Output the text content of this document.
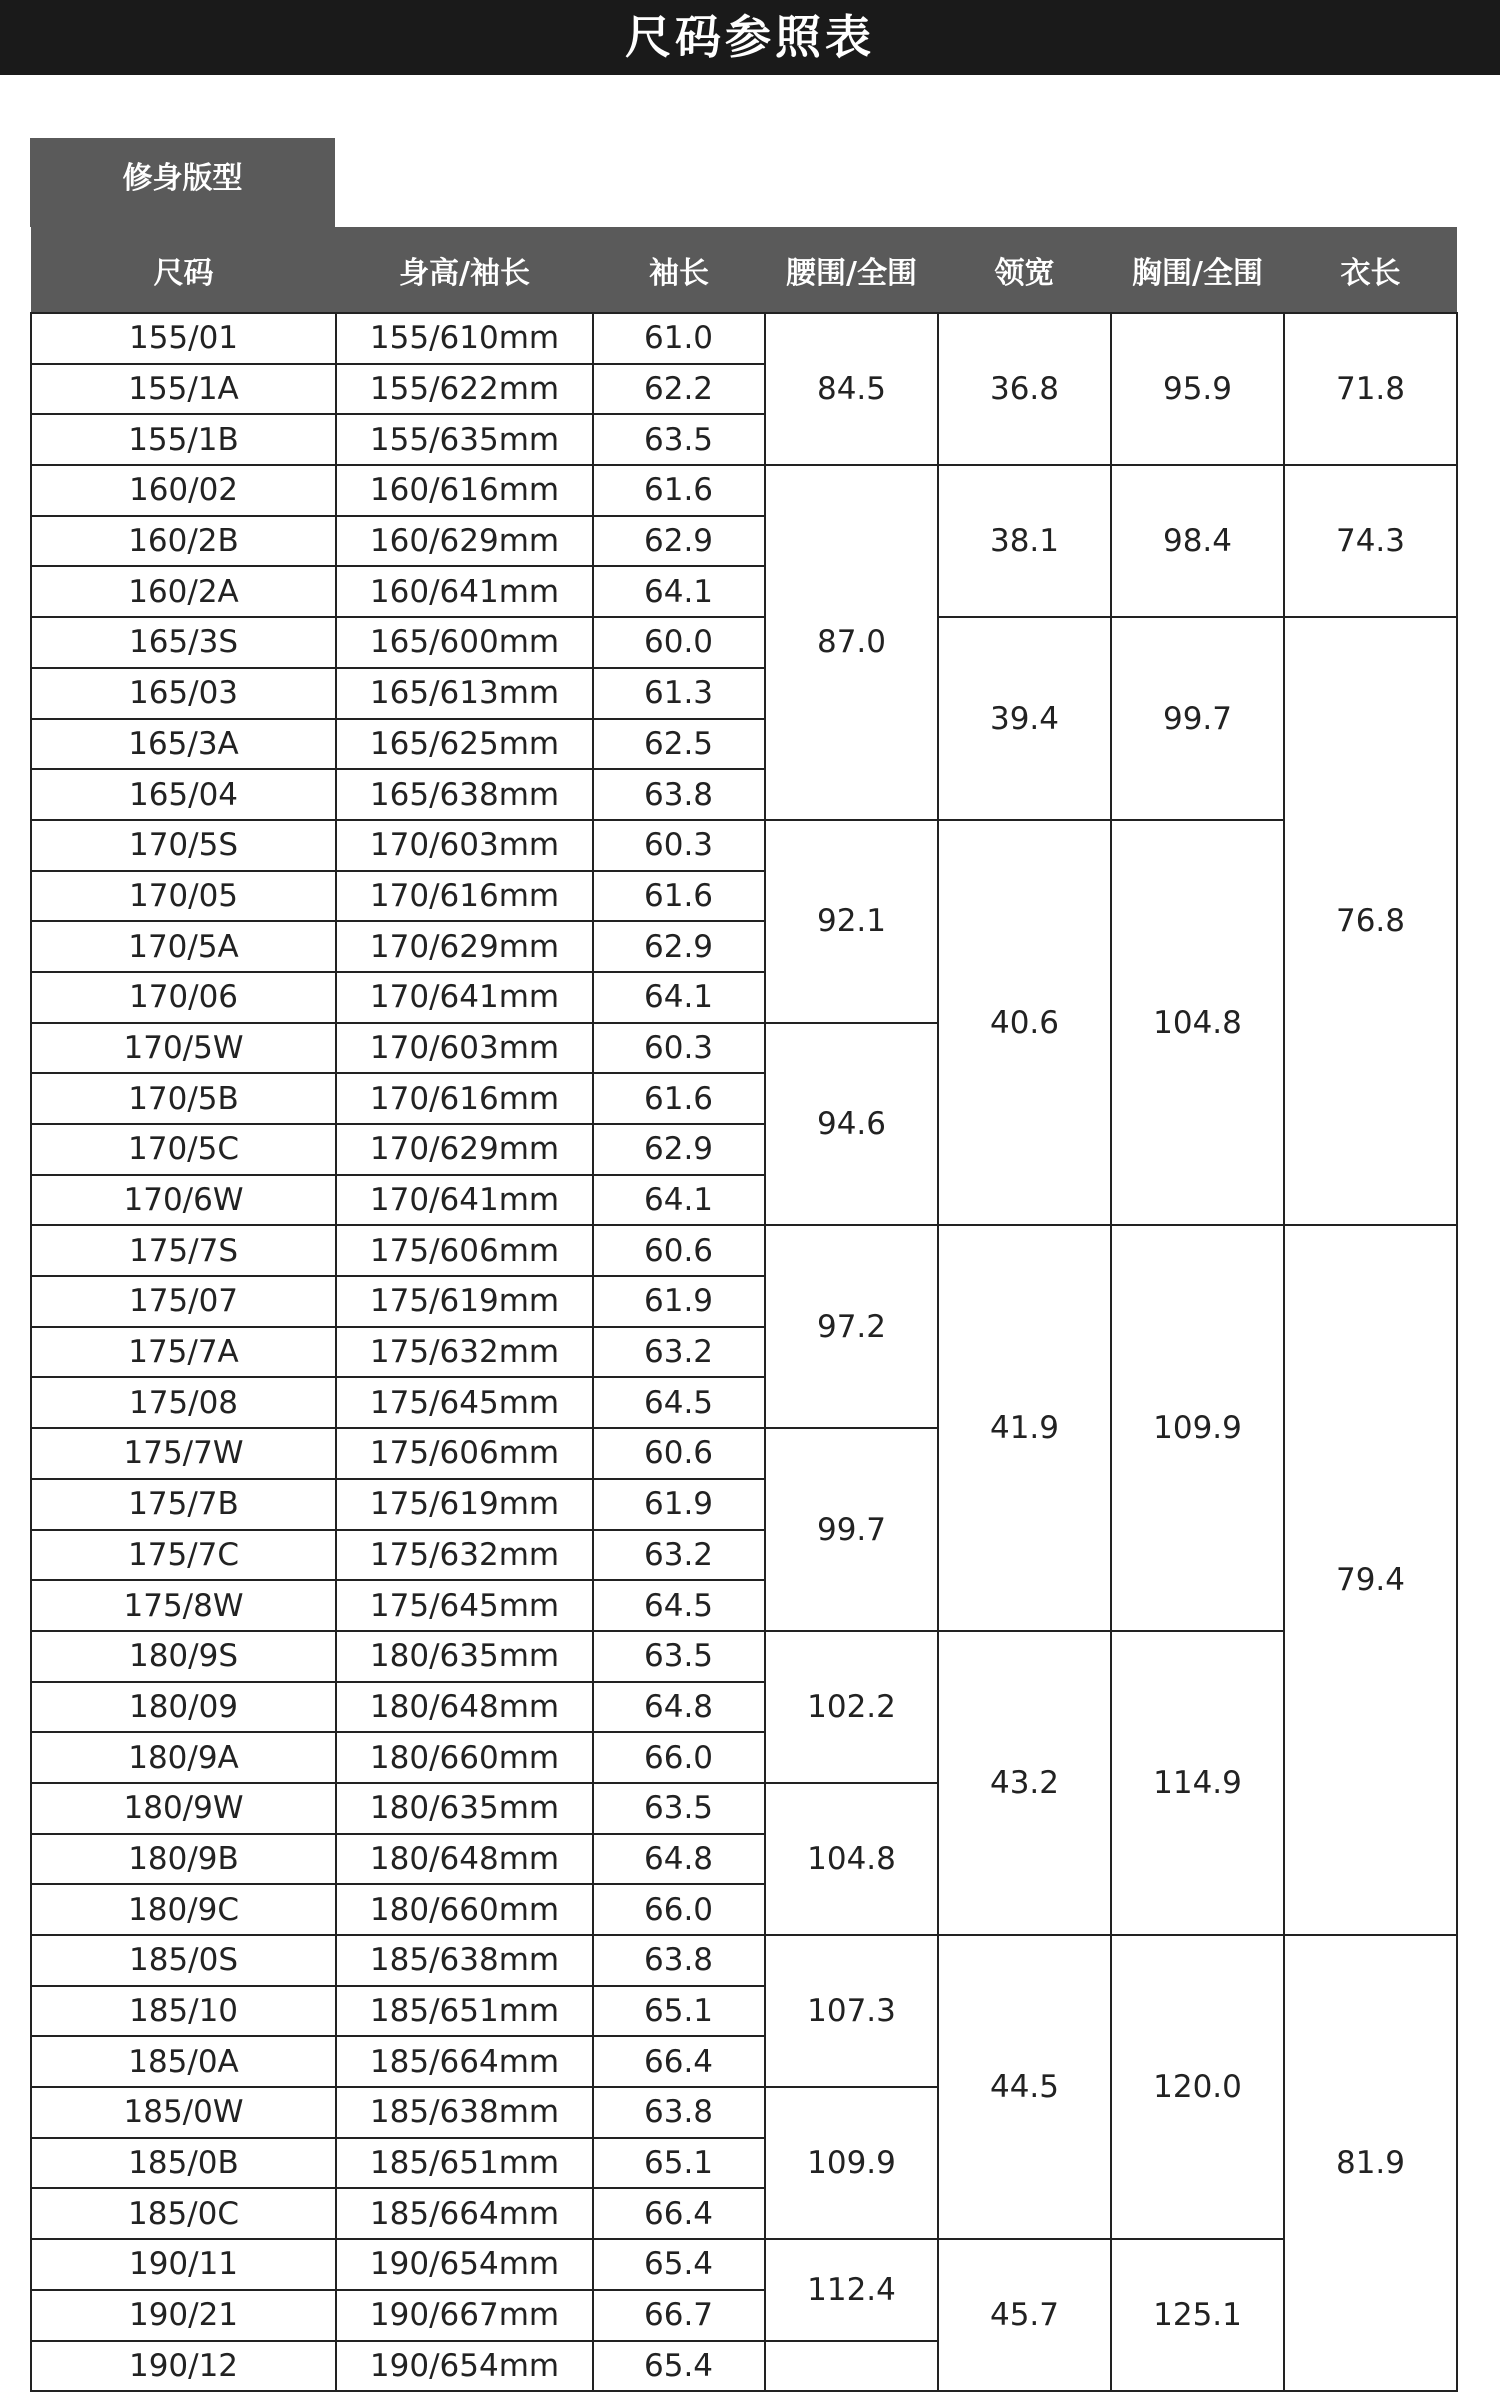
尺码参照表
修身版型
尺码	身高/袖长	袖长	腰围/全围	领宽	胸围/全围	衣长
155/01	155/610mm	61.0	84.5	36.8	95.9	71.8
155/1A	155/622mm	62.2				
155/1B	155/635mm	63.5				
160/02	160/616mm	61.6	87.0	38.1	98.4	74.3
160/2B	160/629mm	62.9				
160/2A	160/641mm	64.1				
165/3S	165/600mm	60.0		39.4	99.7	76.8
165/03	165/613mm	61.3				
165/3A	165/625mm	62.5				
165/04	165/638mm	63.8				
170/5S	170/603mm	60.3	92.1	40.6	104.8	
170/05	170/616mm	61.6				
170/5A	170/629mm	62.9				
170/06	170/641mm	64.1				
170/5W	170/603mm	60.3	94.6			
170/5B	170/616mm	61.6				
170/5C	170/629mm	62.9				
170/6W	170/641mm	64.1				
175/7S	175/606mm	60.6	97.2	41.9	109.9	79.4
175/07	175/619mm	61.9				
175/7A	175/632mm	63.2				
175/08	175/645mm	64.5				
175/7W	175/606mm	60.6	99.7			
175/7B	175/619mm	61.9				
175/7C	175/632mm	63.2				
175/8W	175/645mm	64.5				
180/9S	180/635mm	63.5	102.2	43.2	114.9	
180/09	180/648mm	64.8				
180/9A	180/660mm	66.0				
180/9W	180/635mm	63.5	104.8			
180/9B	180/648mm	64.8				
180/9C	180/660mm	66.0				
185/0S	185/638mm	63.8	107.3	44.5	120.0	81.9
185/10	185/651mm	65.1				
185/0A	185/664mm	66.4				
185/0W	185/638mm	63.8	109.9			
185/0B	185/651mm	65.1				
185/0C	185/664mm	66.4				
190/11	190/654mm	65.4	112.4	45.7	125.1	
190/21	190/667mm	66.7				
190/12	190/654mm	65.4				
